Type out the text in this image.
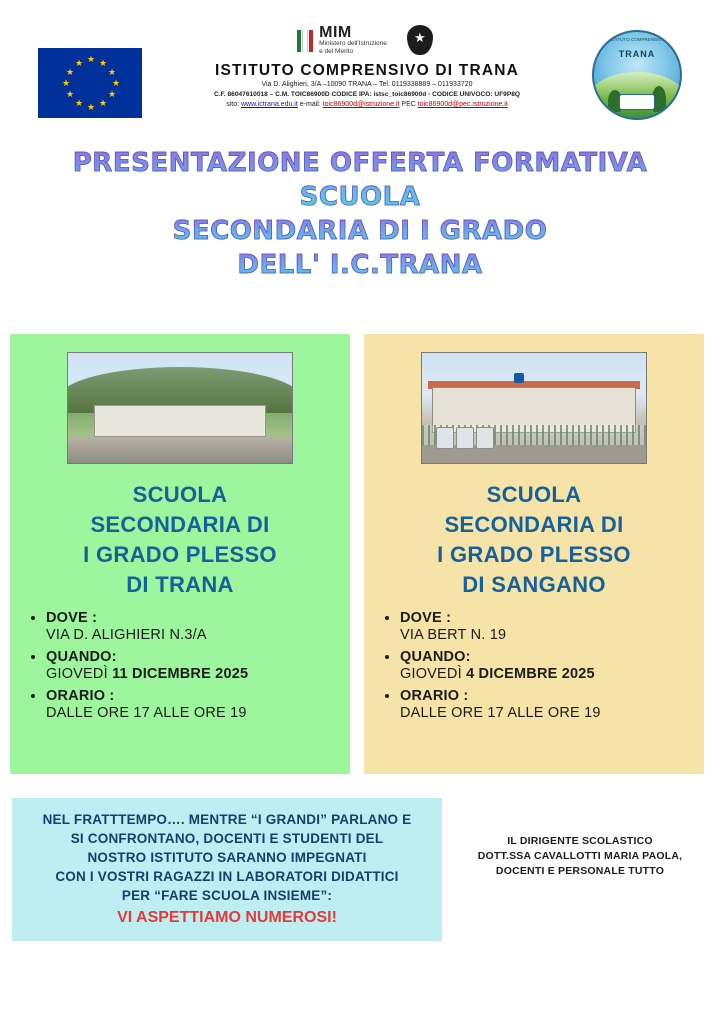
★ ★
★
★
★
★
★
★
★
★
★
★
MIM
Ministero dell'Istruzione
e del Merito
★
ISTITUTO COMPRENSIVO DI TRANA
Via D. Alighieri, 3/A –10090 TRANA – Tel. 0119338889 – 011933720
C.F. 86047610018 – C.M. TOIC86900D CODICE IPA: istsc_toic86900d - CODICE UNIVOCO: UF9P8Q
sito: www.ictrana.edu.it e-mail: toic86900d@istruzione.it PEC toic86900d@pec.istruzione.it
ISTITUTO COMPRENSIVO
TRANA
PRESENTAZIONE OFFERTA FORMATIVA SCUOLA
SECONDARIA DI I GRADO
DELL' I.C.TRANA
SCUOLA
SECONDARIA DI
I GRADO PLESSO
DI TRANA
• DOVE :
VIA D. ALIGHIERI N.3/A
• QUANDO:
GIOVEDÌ 11 DICEMBRE 2025
• ORARIO :
DALLE ORE 17 ALLE ORE 19
SCUOLA
SECONDARIA DI
I GRADO PLESSO
DI SANGANO
• DOVE :
VIA BERT N. 19
• QUANDO:
GIOVEDÌ 4 DICEMBRE 2025
• ORARIO :
DALLE ORE 17 ALLE ORE 19

NEL FRATTTEMPO…. MENTRE “I GRANDI” PARLANO E

SI CONFRONTANO, DOCENTI E STUDENTI DEL

NOSTRO ISTITUTO SARANNO IMPEGNATI

CON I VOSTRI RAGAZZI IN LABORATORI DIDATTICI

PER “FARE SCUOLA INSIEME”:

VI ASPETTIAMO NUMEROSI!
IL DIRIGENTE SCOLASTICO
DOTT.SSA CAVALLOTTI MARIA PAOLA,
DOCENTI E PERSONALE TUTTO
